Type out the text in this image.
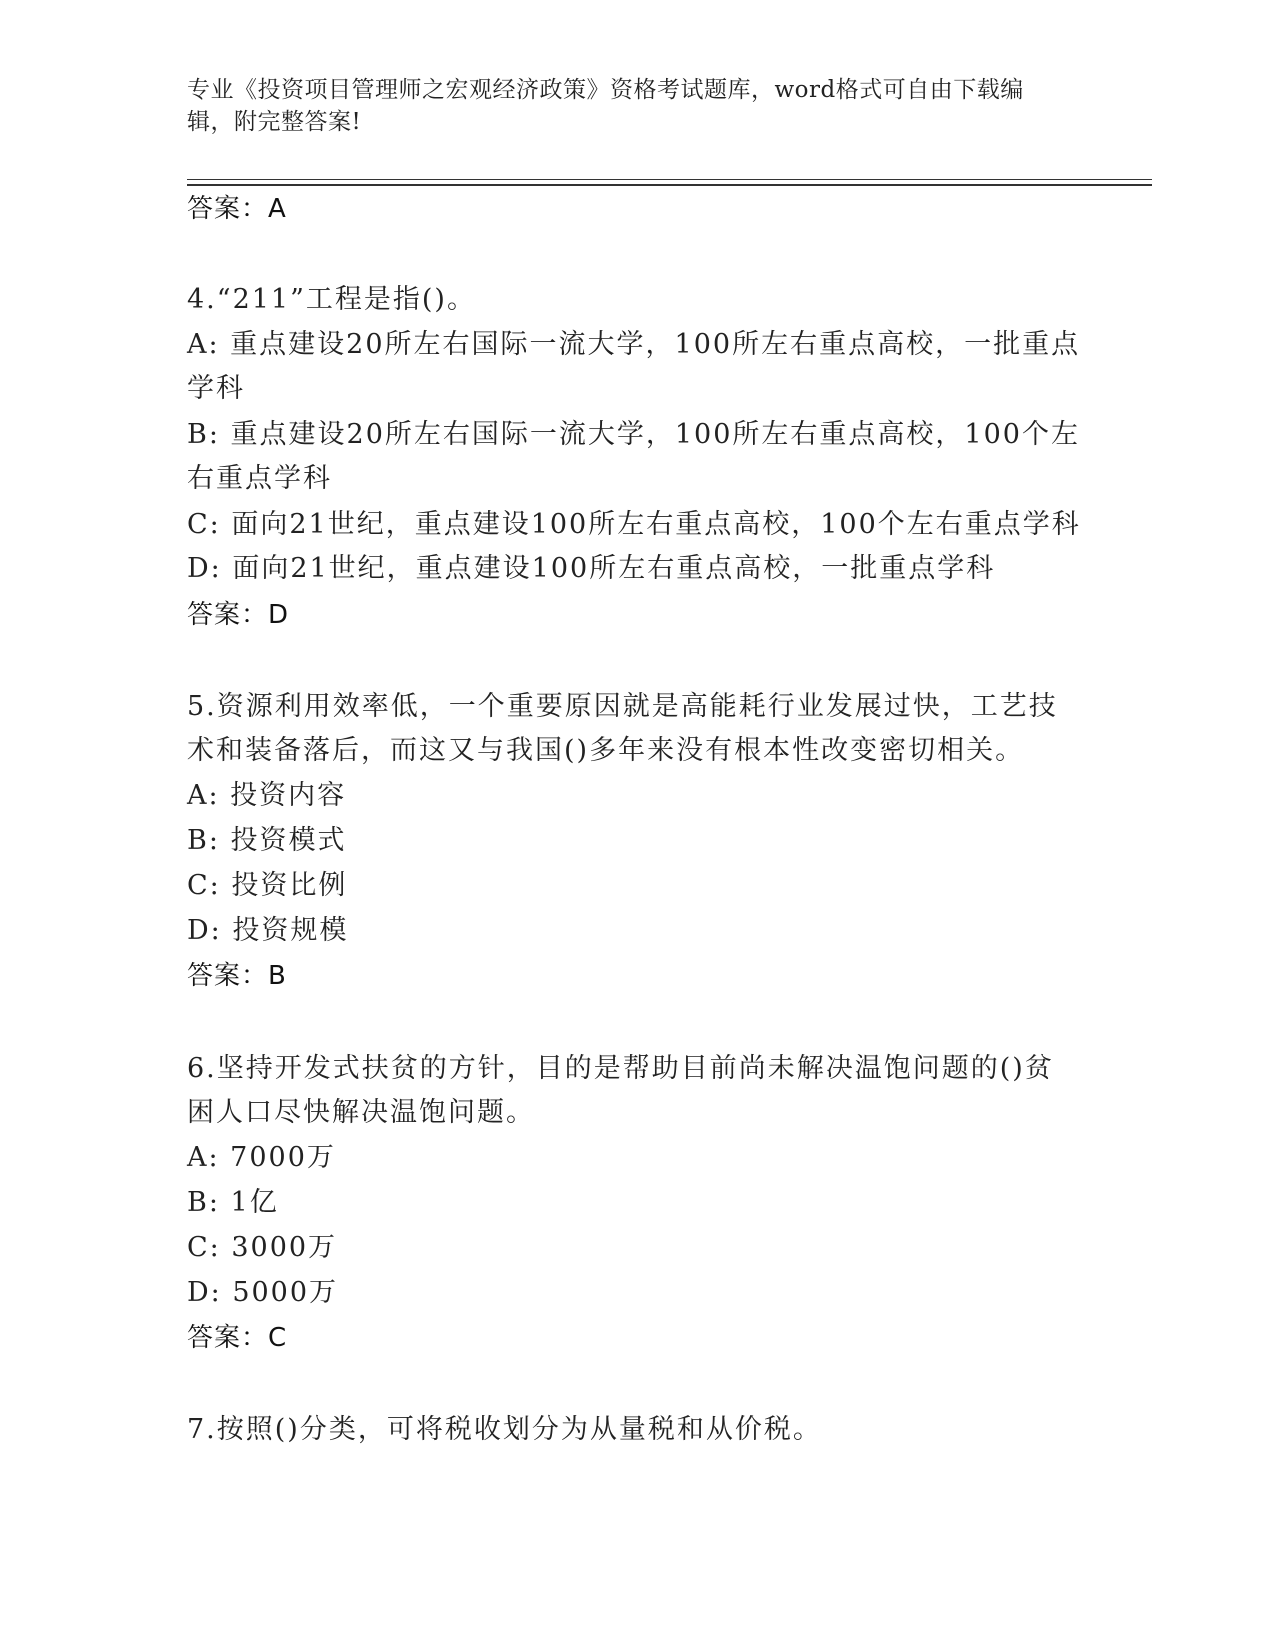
专业《投资项目管理师之宏观经济政策》资格考试题库，word格式可自由下载编
辑，附完整答案!
答案：A
4.“211”工程是指()。
A: 重点建设20所左右国际一流大学，100所左右重点高校，一批重点
学科
B: 重点建设20所左右国际一流大学，100所左右重点高校，100个左
右重点学科
C: 面向21世纪，重点建设100所左右重点高校，100个左右重点学科
D: 面向21世纪，重点建设100所左右重点高校，一批重点学科
答案：D
5.资源利用效率低，一个重要原因就是高能耗行业发展过快，工艺技
术和装备落后，而这又与我国()多年来没有根本性改变密切相关。
A: 投资内容
B: 投资模式
C: 投资比例
D: 投资规模
答案：B
6.坚持开发式扶贫的方针，目的是帮助目前尚未解决温饱问题的()贫
困人口尽快解决温饱问题。
A: 7000万
B: 1亿
C: 3000万
D: 5000万
答案：C
7.按照()分类，可将税收划分为从量税和从价税。
